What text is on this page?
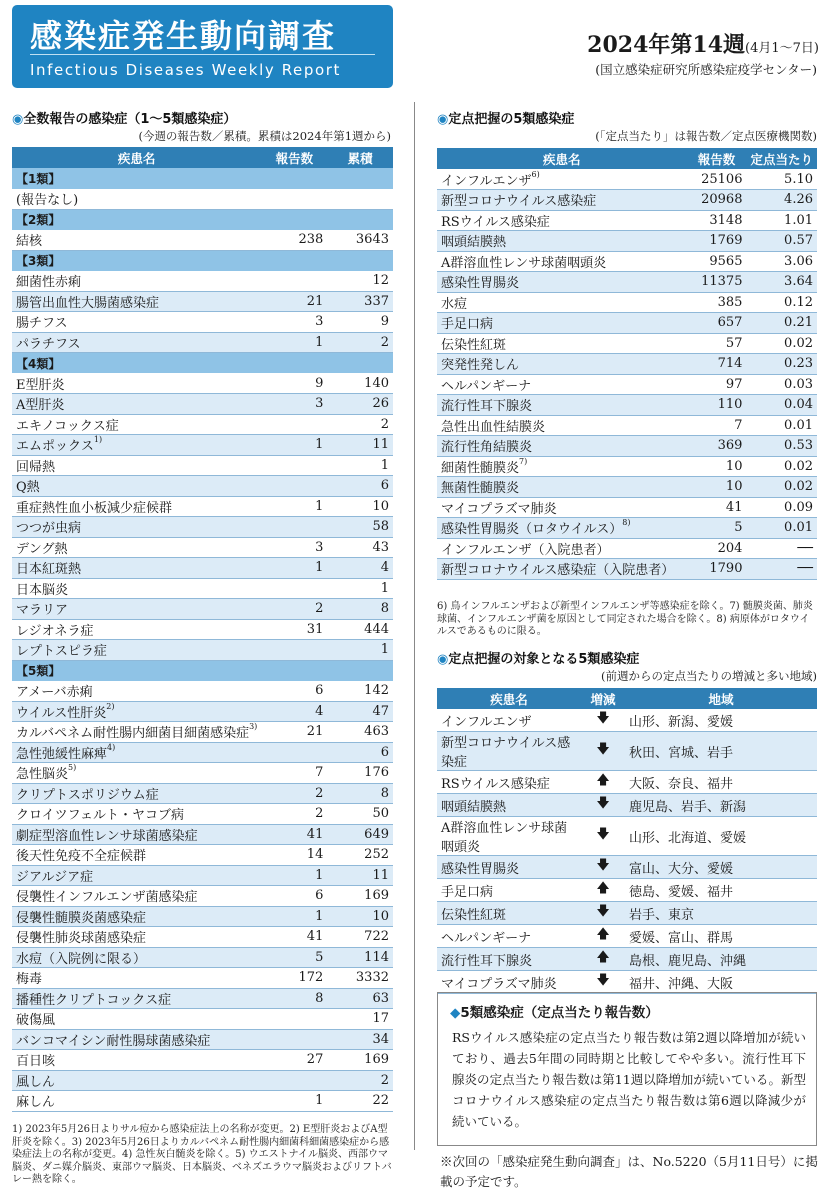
感染症発生動向調査
Infectious Diseases Weekly Report
2024年第14週(4月1～7日)
(国立感染症研究所感染症疫学センター)
◉全数報告の感染症（1～5類感染症）
(今週の報告数／累積。累積は2024年第1週から)
疾患名	報告数	累積
【1類】		
(報告なし)		
【2類】		
結核	238	3643
【3類】		
細菌性赤痢		12
腸管出血性大腸菌感染症	21	337
腸チフス	3	9
パラチフス	1	2
【4類】		
E型肝炎	9	140
A型肝炎	3	26
エキノコックス症		2
エムポックス$^{1)}$	1	11
回帰熱		1
Q熱		6
重症熱性血小板減少症候群	1	10
つつが虫病		58
デング熱	3	43
日本紅斑熱	1	4
日本脳炎		1
マラリア	2	8
レジオネラ症	31	444
レプトスピラ症		1
【5類】		
アメーバ赤痢	6	142
ウイルス性肝炎$^{2)}$	4	47
カルバペネム耐性腸内細菌目細菌感染症$^{3)}$	21	463
急性弛緩性麻痺$^{4)}$		6
急性脳炎$^{5)}$	7	176
クリプトスポリジウム症	2	8
クロイツフェルト・ヤコブ病	2	50
劇症型溶血性レンサ球菌感染症	41	649
後天性免疫不全症候群	14	252
ジアルジア症	1	11
侵襲性インフルエンザ菌感染症	6	169
侵襲性髄膜炎菌感染症	1	10
侵襲性肺炎球菌感染症	41	722
水痘（入院例に限る）	5	114
梅毒	172	3332
播種性クリプトコックス症	8	63
破傷風		17
バンコマイシン耐性腸球菌感染症		34
百日咳	27	169
風しん		2
麻しん	1	22
1) 2023年5月26日よりサル痘から感染症法上の名称が変更。2) E型肝炎およびA型肝炎を除く。3) 2023年5月26日よりカルバペネム耐性腸内細菌科細菌感染症から感染症法上の名称が変更。4) 急性灰白髄炎を除く。5) ウエストナイル脳炎、西部ウマ脳炎、ダニ媒介脳炎、東部ウマ脳炎、日本脳炎、ベネズエラウマ脳炎およびリフトバレー熱を除く。
◉定点把握の5類感染症
(「定点当たり」は報告数／定点医療機関数)
疾患名	報告数	定点当たり
インフルエンザ$^{6)}$	25106	5.10
新型コロナウイルス感染症	20968	4.26
RSウイルス感染症	3148	1.01
咽頭結膜熱	1769	0.57
A群溶血性レンサ球菌咽頭炎	9565	3.06
感染性胃腸炎	11375	3.64
水痘	385	0.12
手足口病	657	0.21
伝染性紅斑	57	0.02
突発性発しん	714	0.23
ヘルパンギーナ	97	0.03
流行性耳下腺炎	110	0.04
急性出血性結膜炎	7	0.01
流行性角結膜炎	369	0.53
細菌性髄膜炎$^{7)}$	10	0.02
無菌性髄膜炎	10	0.02
マイコプラズマ肺炎	41	0.09
感染性胃腸炎（ロタウイルス）$^{8)}$	5	0.01
インフルエンザ（入院患者）	204	──
新型コロナウイルス感染症（入院患者）	1790	──
6) 鳥インフルエンザおよび新型インフルエンザ等感染症を除く。7) 髄膜炎菌、肺炎球菌、インフルエンザ菌を原因として同定された場合を除く。8) 病原体がロタウイルスであるものに限る。
◉定点把握の対象となる5類感染症
(前週からの定点当たりの増減と多い地域)
疾患名	増減	地域
インフルエンザ	🡇	山形、新潟、愛媛
新型コロナウイルス感染症	🡇	秋田、宮城、岩手
RSウイルス感染症	🡅	大阪、奈良、福井
咽頭結膜熱	🡇	鹿児島、岩手、新潟
A群溶血性レンサ球菌咽頭炎	🡇	山形、北海道、愛媛
感染性胃腸炎	🡇	富山、大分、愛媛
手足口病	🡅	徳島、愛媛、福井
伝染性紅斑	🡇	岩手、東京
ヘルパンギーナ	🡅	愛媛、富山、群馬
流行性耳下腺炎	🡅	島根、鹿児島、沖縄
マイコプラズマ肺炎	🡇	福井、沖縄、大阪
◆5類感染症（定点当たり報告数）
RSウイルス感染症の定点当たり報告数は第2週以降増加が続いており、過去5年間の同時期と比較してやや多い。流行性耳下腺炎の定点当たり報告数は第11週以降増加が続いている。新型コロナウイルス感染症の定点当たり報告数は第6週以降減少が続いている。
※次回の「感染症発生動向調査」は、No.5220（5月11日号）に掲載の予定です。
